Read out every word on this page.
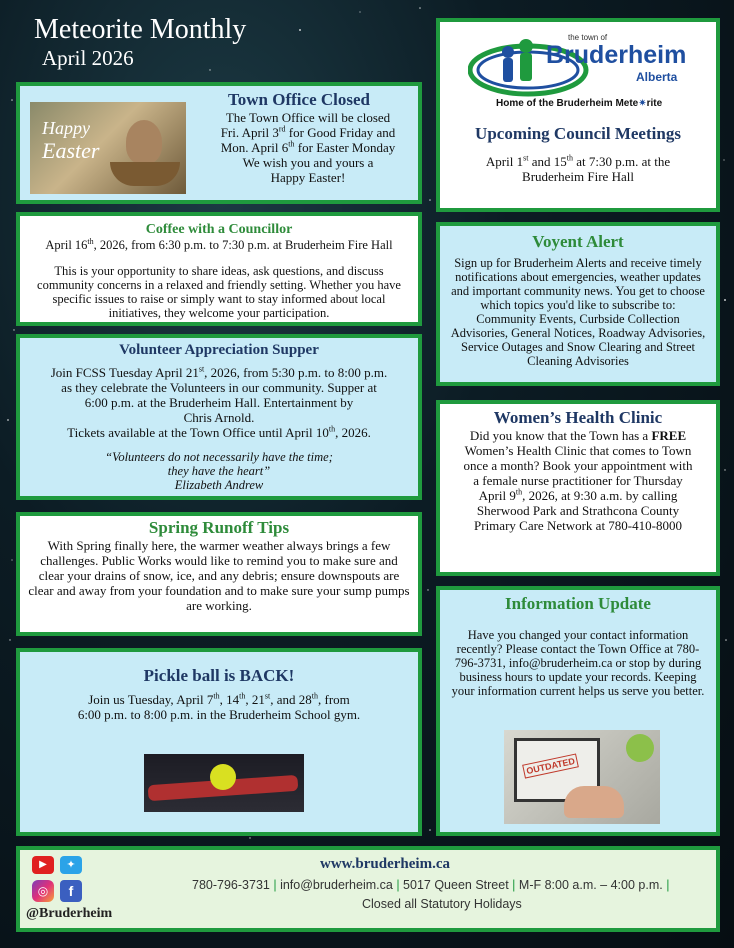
Meteorite Monthly
April 2026
the town of
Bruderheim
Alberta
Home of the Bruderheim Mete✷rite
Upcoming Council Meetings

April 1st and 15th at 7:30 p.m. at the

Bruderheim Fire Hall

Happy
Easter
Town Office Closed

The Town Office will be closed

Fri. April 3rd for Good Friday and

Mon. April 6th for Easter Monday

We wish you and yours a

Happy Easter!

Coffee with a Councillor

April 16th, 2026, from 6:30 p.m. to 7:30 p.m. at Bruderheim Fire Hall

This is your opportunity to share ideas, ask questions, and discuss community concerns in a relaxed and friendly setting. Whether you have specific issues to raise or simply want to stay informed about local initiatives, they welcome your participation.

Voyent Alert

Sign up for Bruderheim Alerts and receive timely notifications about emergencies, weather updates and important community news. You get to choose which topics you'd like to subscribe to:

Community Events, Curbside Collection Advisories, General Notices, Roadway Advisories, Service Outages and Snow Clearing and Street Cleaning Advisories

Volunteer Appreciation Supper

Join FCSS Tuesday April 21st, 2026, from 5:30 p.m. to 8:00 p.m.

as they celebrate the Volunteers in our community. Supper at

6:00 p.m. at the Bruderheim Hall. Entertainment by

Chris Arnold.

Tickets available at the Town Office until April 10th, 2026.

“Volunteers do not necessarily have the time;

they have the heart”

Elizabeth Andrew

Women’s Health Clinic

Did you know that the Town has a FREE

Women’s Health Clinic that comes to Town

once a month? Book your appointment with

a female nurse practitioner for Thursday

April 9th, 2026, at 9:30 a.m. by calling

Sherwood Park and Strathcona County

Primary Care Network at 780-410-8000

Spring Runoff Tips

With Spring finally here, the warmer weather always brings a few challenges. Public Works would like to remind you to make sure and clear your drains of snow, ice, and any debris; ensure downspouts are clear and away from your foundation and to make sure your sump pumps are working.	Information Update

Have you changed your contact information recently? Please contact the Town Office at 780-796-3731, info@bruderheim.ca or stop by during business hours to update your records. Keeping your information current helps us serve you better.

OUTDATED
Pickle ball is BACK!

Join us Tuesday, April 7th, 14th, 21st, and 28th, from

6:00 p.m. to 8:00 p.m. in the Bruderheim School gym.

▶	✦
◎	f
@Bruderheim
www.bruderheim.ca
780-796-3731 | info@bruderheim.ca | 5017 Queen Street | M-F 8:00 a.m. – 4:00 p.m. |
Closed all Statutory Holidays
